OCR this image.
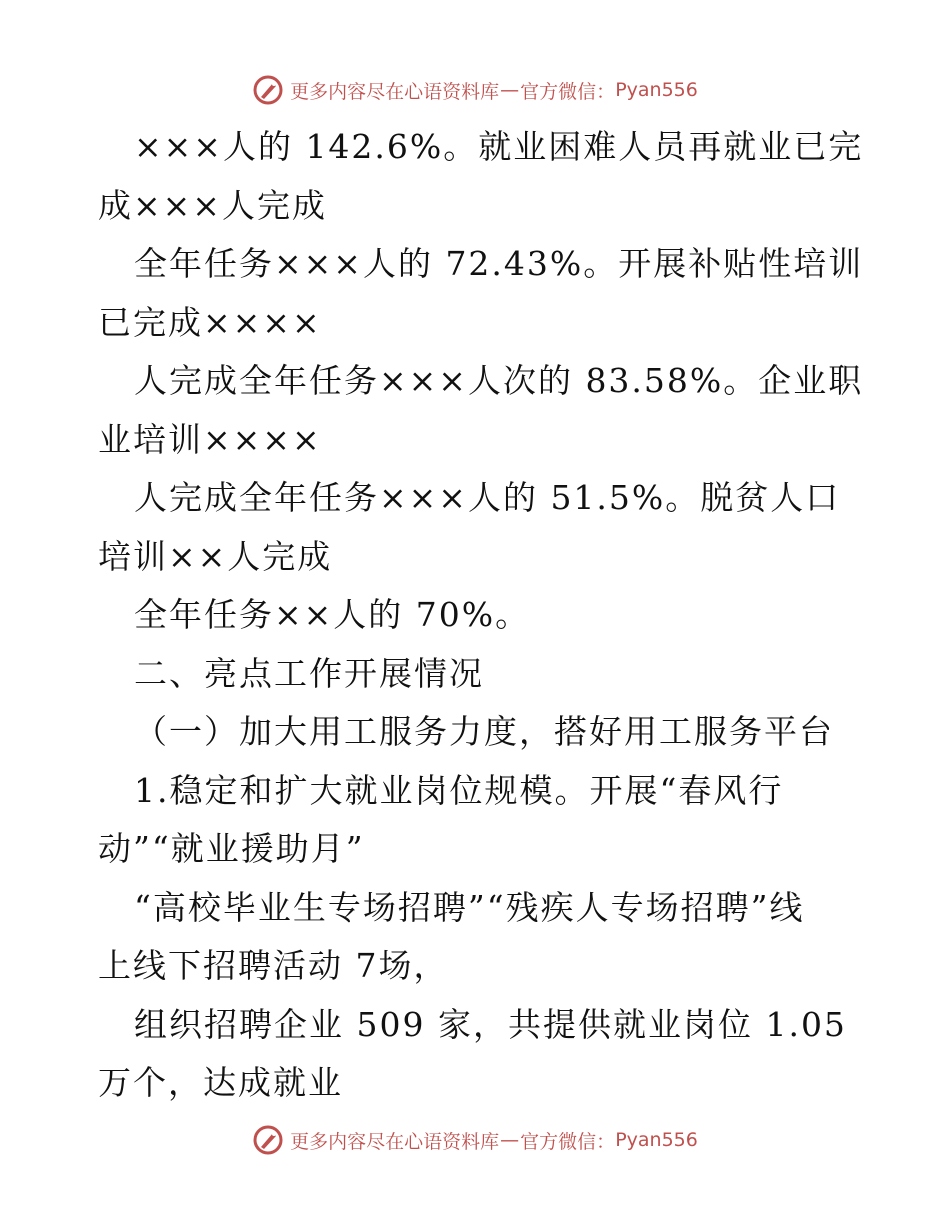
更多内容尽在心语资料库 — 官方微信： Pyan556
×××人的 142.6%。就业困难人员再就业已完
成×××人完成
全年任务×××人的 72.43%。开展补贴性培训
已完成××××
人完成全年任务×××人次的 83.58%。企业职
业培训××××
人完成全年任务×××人的 51.5%。脱贫人口
培训××人完成
全年任务××人的 70%。
二、亮点工作开展情况
（一）加大用工服务力度，搭好用工服务平台
1.稳定和扩大就业岗位规模。开展“春风行
动”“就业援助月”
“高校毕业生专场招聘”“残疾人专场招聘”线
上线下招聘活动 7场，
组织招聘企业 509 家，共提供就业岗位 1.05
万个，达成就业
更多内容尽在心语资料库 — 官方微信： Pyan556
